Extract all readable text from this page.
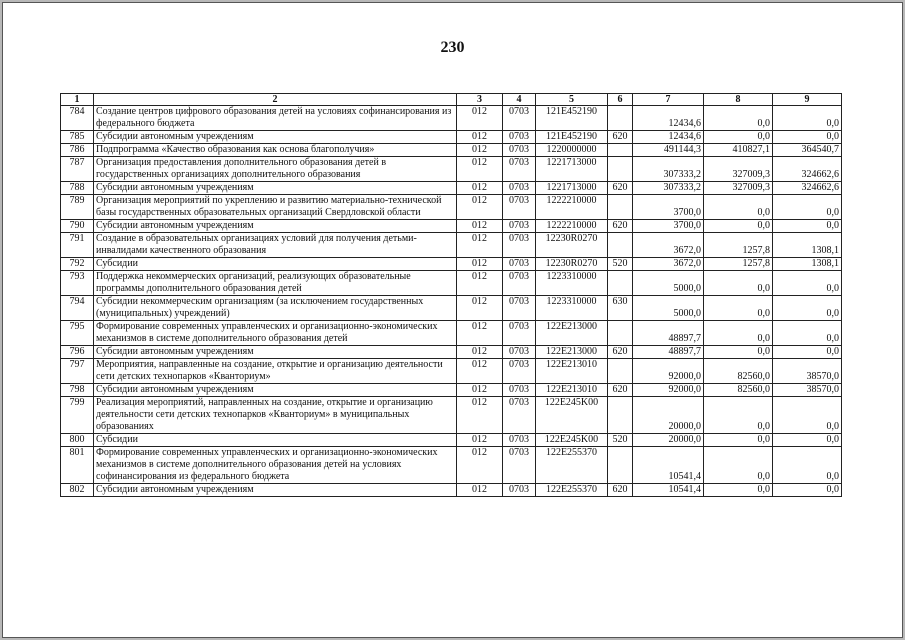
230
1	2	3	4	5	6	7	8	9
784	Создание центров цифрового образования детей на условиях софинансирования из федерального бюджета	012	0703	121E452190		12434,6	0,0	0,0
785	Субсидии автономным учреждениям	012	0703	121E452190	620	12434,6	0,0	0,0
786	Подпрограмма «Качество образования как основа благополучия»	012	0703	1220000000		491144,3	410827,1	364540,7
787	Организация предоставления дополнительного образования детей в государственных организациях дополнительного образования	012	0703	1221713000		307333,2	327009,3	324662,6
788	Субсидии автономным учреждениям	012	0703	1221713000	620	307333,2	327009,3	324662,6
789	Организация мероприятий по укреплению и развитию материально-технической базы государственных образовательных организаций Свердловской области	012	0703	1222210000		3700,0	0,0	0,0
790	Субсидии автономным учреждениям	012	0703	1222210000	620	3700,0	0,0	0,0
791	Создание в образовательных организациях условий для получения детьми-инвалидами качественного образования	012	0703	12230R0270		3672,0	1257,8	1308,1
792	Субсидии	012	0703	12230R0270	520	3672,0	1257,8	1308,1
793	Поддержка некоммерческих организаций, реализующих образовательные программы дополнительного образования детей	012	0703	1223310000		5000,0	0,0	0,0
794	Субсидии некоммерческим организациям (за исключением государственных (муниципальных) учреждений)	012	0703	1223310000	630	5000,0	0,0	0,0
795	Формирование современных управленческих и организационно-экономических механизмов в системе дополнительного образования детей	012	0703	122E213000		48897,7	0,0	0,0
796	Субсидии автономным учреждениям	012	0703	122E213000	620	48897,7	0,0	0,0
797	Мероприятия, направленные на создание, открытие и организацию деятельности сети детских технопарков «Кванториум»	012	0703	122E213010		92000,0	82560,0	38570,0
798	Субсидии автономным учреждениям	012	0703	122E213010	620	92000,0	82560,0	38570,0
799	Реализация мероприятий, направленных на создание, открытие и организацию деятельности сети детских технопарков «Кванториум» в муниципальных образованиях	012	0703	122E245K00		20000,0	0,0	0,0
800	Субсидии	012	0703	122E245K00	520	20000,0	0,0	0,0
801	Формирование современных управленческих и организационно-экономических механизмов в системе дополнительного образования детей на условиях софинансирования из федерального бюджета	012	0703	122E255370		10541,4	0,0	0,0
802	Субсидии автономным учреждениям	012	0703	122E255370	620	10541,4	0,0	0,0
